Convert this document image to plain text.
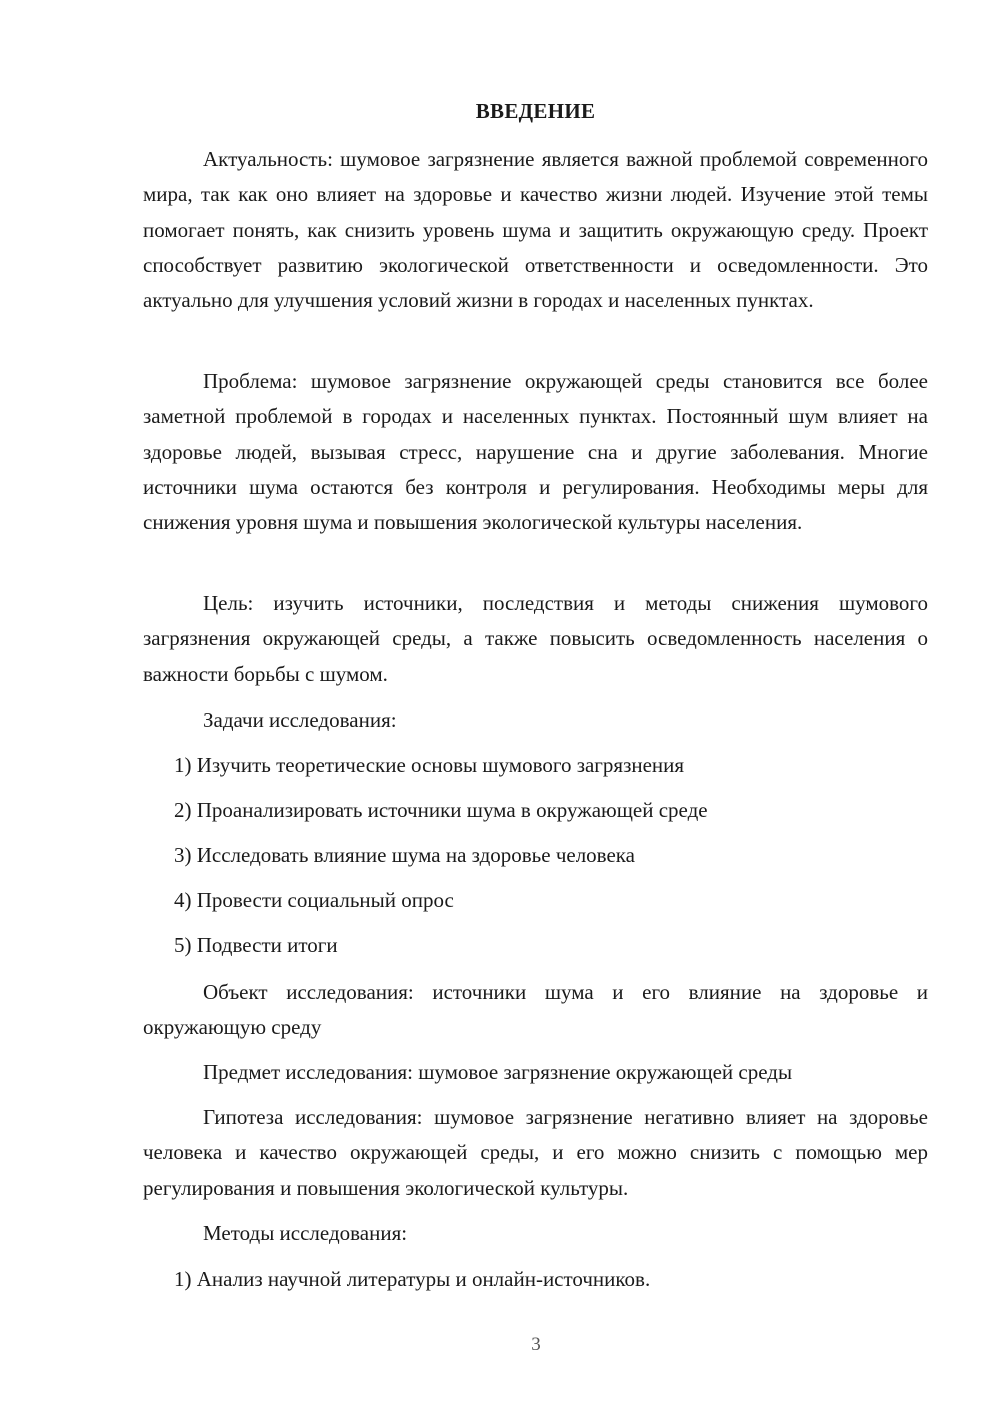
ВВЕДЕНИЕ

Актуальность: шумовое загрязнение является важной проблемой современного мира, так как оно влияет на здоровье и качество жизни людей. Изучение этой темы помогает понять, как снизить уровень шума и защитить окружающую среду. Проект способствует развитию экологической ответственности и осведомленности. Это актуально для улучшения условий жизни в городах и населенных пунктах.

Проблема: шумовое загрязнение окружающей среды становится все более заметной проблемой в городах и населенных пунктах. Постоянный шум влияет на здоровье людей, вызывая стресс, нарушение сна и другие заболевания. Многие источники шума остаются без контроля и регулирования. Необходимы меры для снижения уровня шума и повышения экологической культуры населения.

Цель: изучить источники, последствия и методы снижения шумового загрязнения окружающей среды, а также повысить осведомленность населения о важности борьбы с шумом.

Задачи исследования:
1) Изучить теоретические основы шумового загрязнения
2) Проанализировать источники шума в окружающей среде
3) Исследовать влияние шума на здоровье человека
4) Провести социальный опрос
5) Подвести итоги

Объект исследования: источники шума и его влияние на здоровье и окружающую среду

Предмет исследования: шумовое загрязнение окружающей среды

Гипотеза исследования: шумовое загрязнение негативно влияет на здоровье человека и качество окружающей среды, и его можно снизить с помощью мер регулирования и повышения экологической культуры.

Методы исследования:
1) Анализ научной литературы и онлайн-источников.
3
